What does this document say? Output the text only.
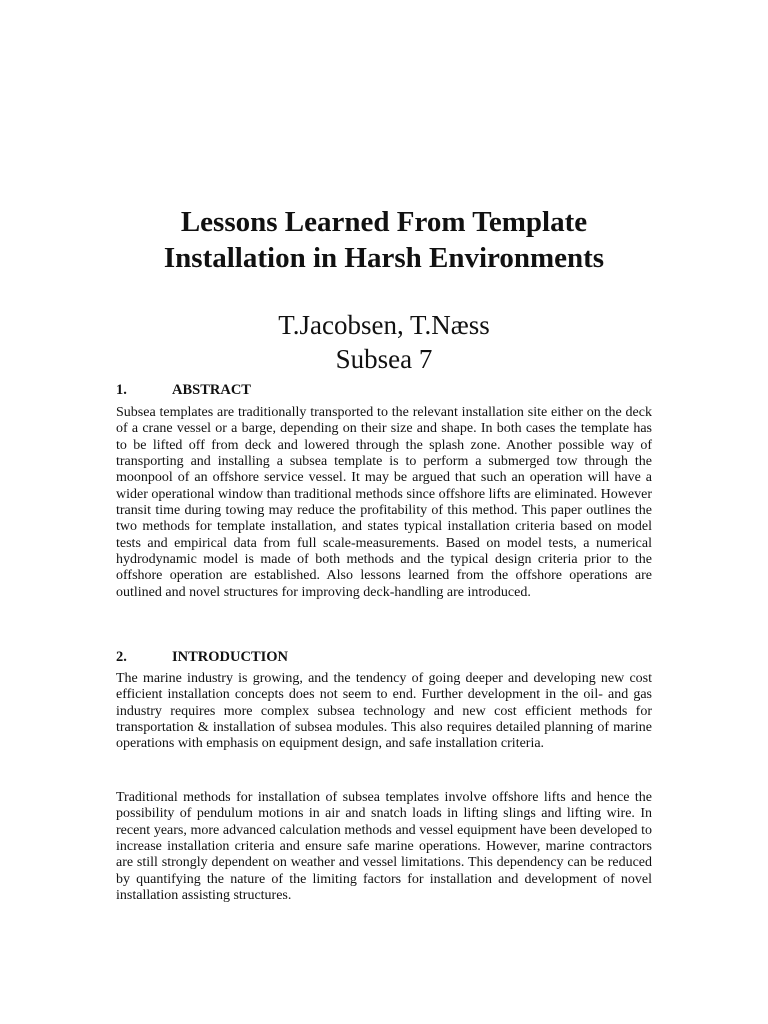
Lessons Learned From Template
Installation in Harsh Environments
T.Jacobsen, T.Næss
Subsea 7
1.	ABSTRACT

Subsea templates are traditionally transported to the relevant installation site either on the deck of a crane vessel or a barge, depending on their size and shape. In both cases the template has to be lifted off from deck and lowered through the splash zone. Another possible way of transporting and installing a subsea template is to perform a submerged tow through the moonpool of an offshore service vessel. It may be argued that such an operation will have a wider operational window than traditional methods since offshore lifts are eliminated. However transit time during towing may reduce the profitability of this method. This paper outlines the two methods for template installation, and states typical installation criteria based on model tests and empirical data from full scale-measurements. Based on model tests, a numerical hydrodynamic model is made of both methods and the typical design criteria prior to the offshore operation are established. Also lessons learned from the offshore operations are outlined and novel structures for improving deck-handling are introduced.

2.	INTRODUCTION

The marine industry is growing, and the tendency of going deeper and developing new cost efficient installation concepts does not seem to end. Further development in the oil- and gas industry requires more complex subsea technology and new cost efficient methods for transportation & installation of subsea modules. This also requires detailed planning of marine operations with emphasis on equipment design, and safe installation criteria.

Traditional methods for installation of subsea templates involve offshore lifts and hence the possibility of pendulum motions in air and snatch loads in lifting slings and lifting wire. In recent years, more advanced calculation methods and vessel equipment have been developed to increase installation criteria and ensure safe marine operations. However, marine contractors are still strongly dependent on weather and vessel limitations. This dependency can be reduced by quantifying the nature of the limiting factors for installation and development of novel installation assisting structures.
